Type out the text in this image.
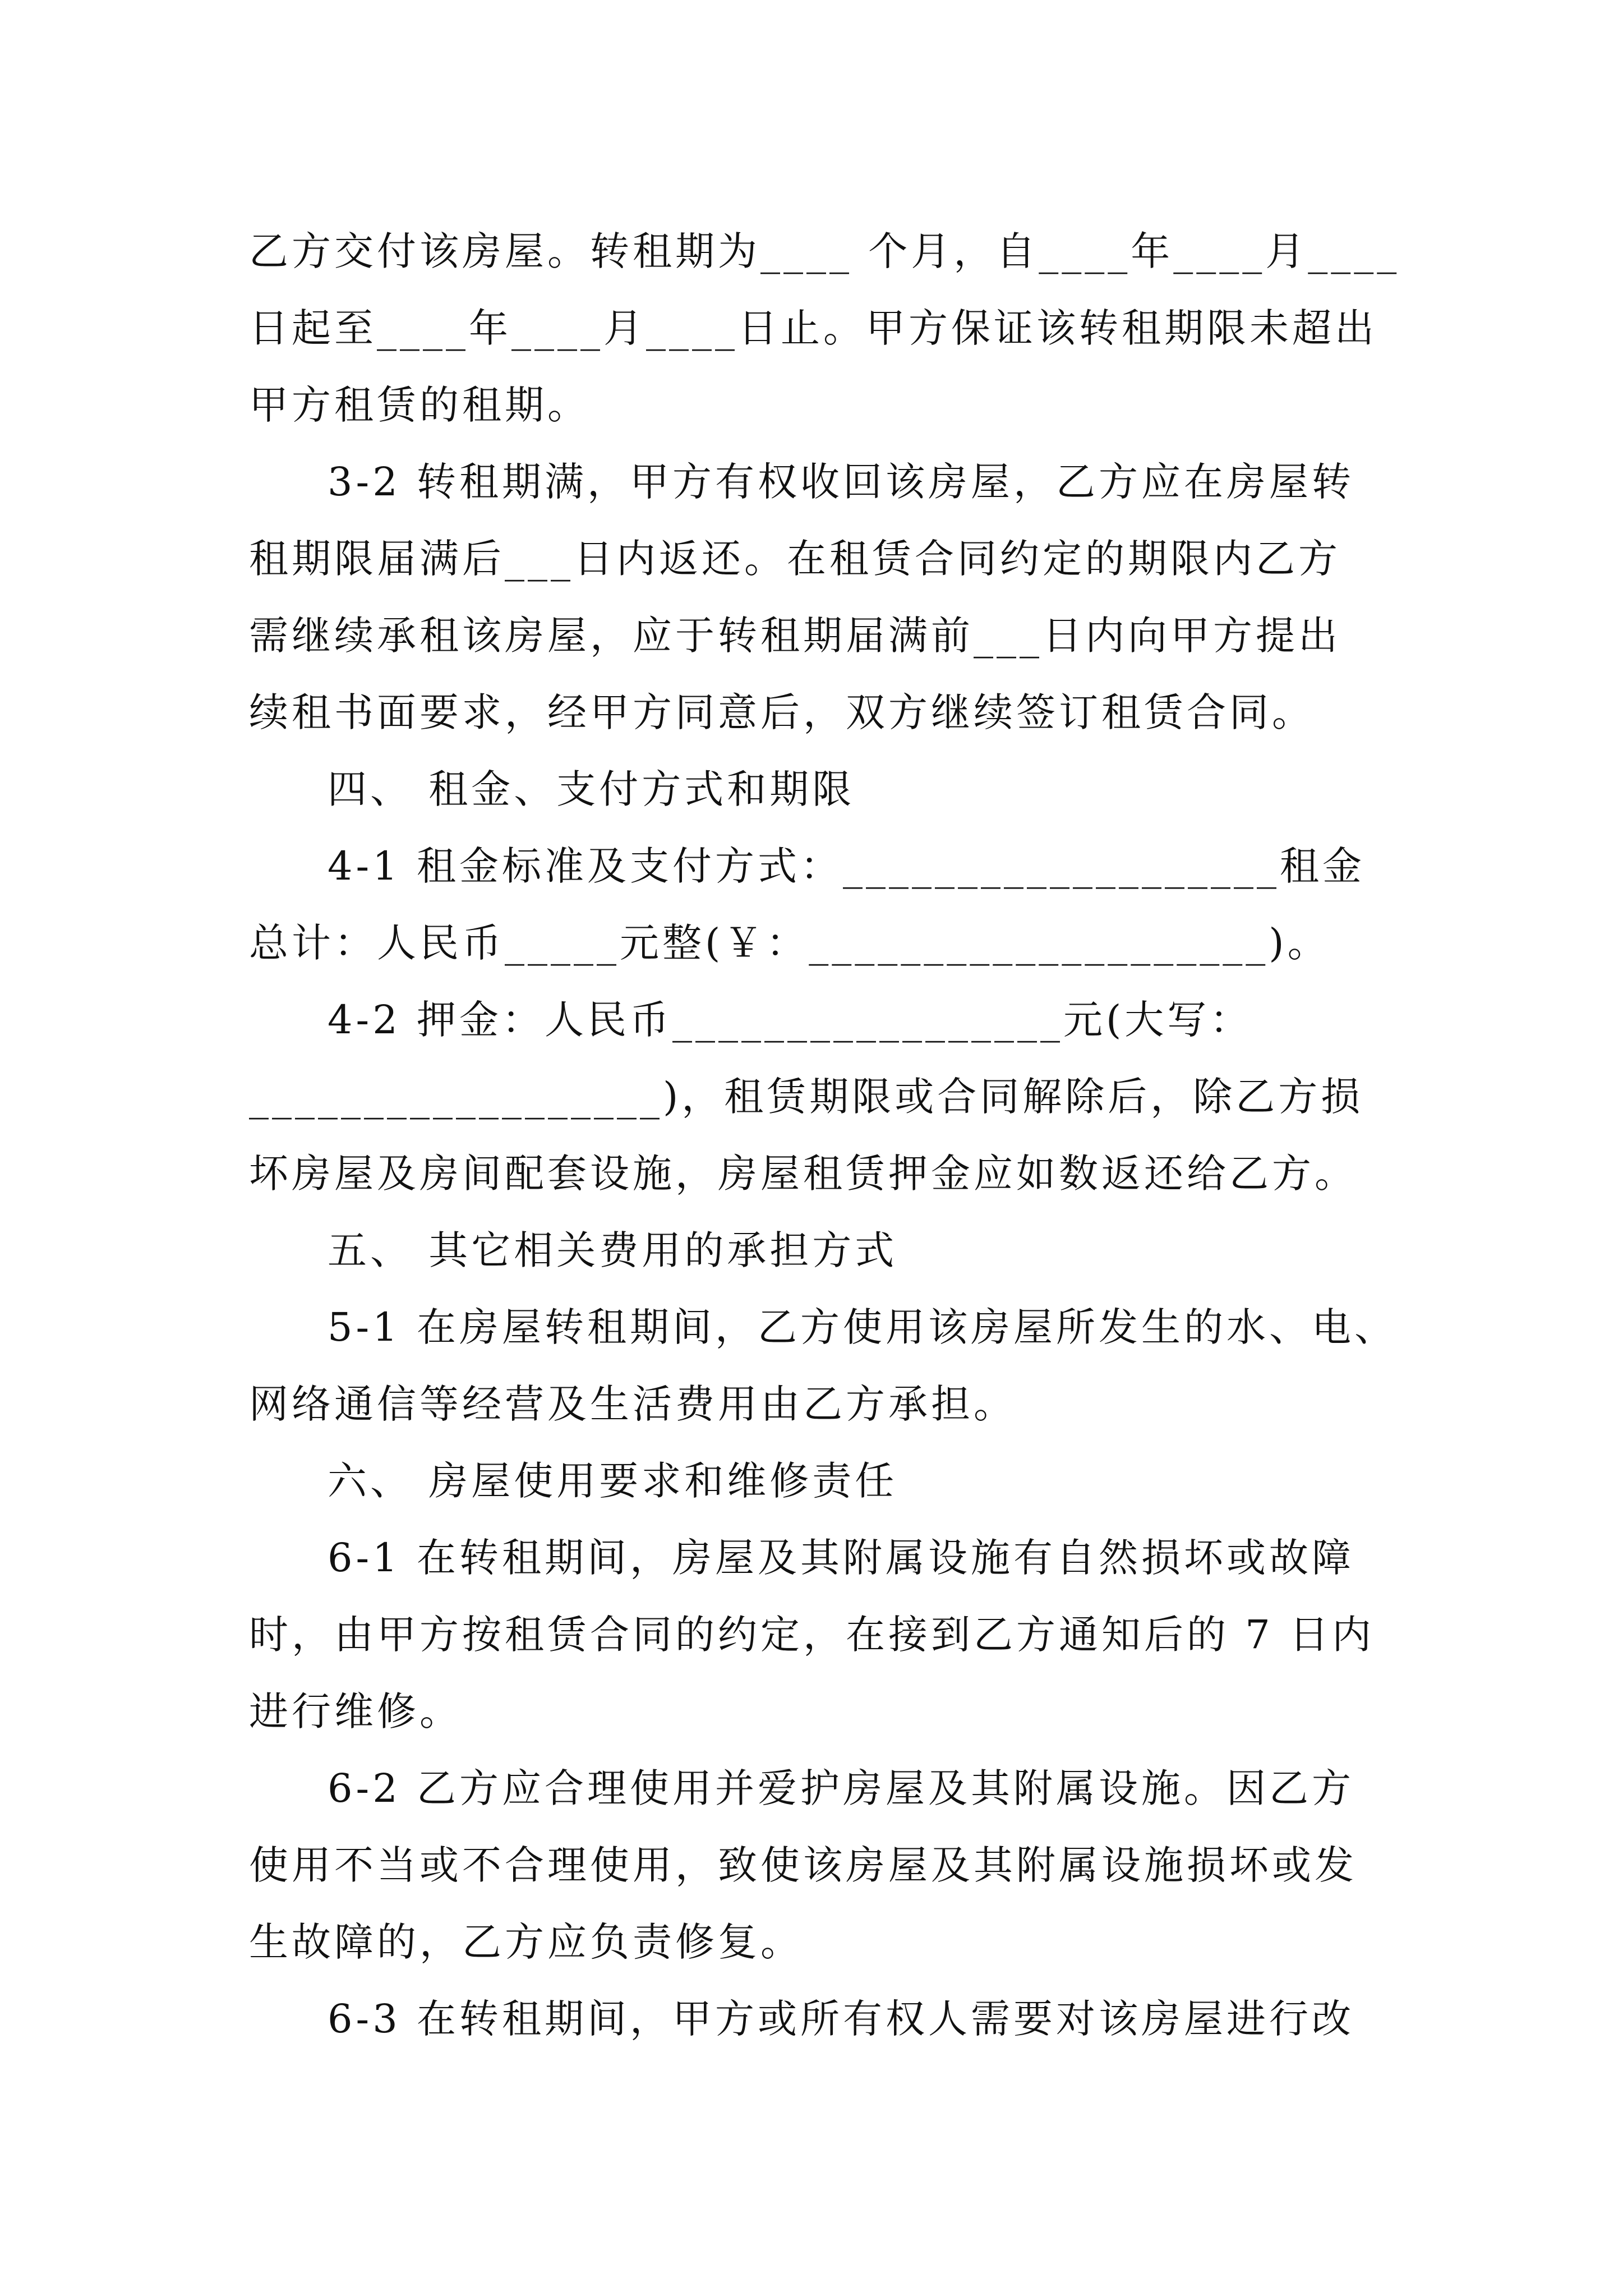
乙方交付该房屋。转租期为____ 个月，自____年____月____
日起至____年____月____日止。甲方保证该转租期限未超出
甲方租赁的租期。
3-2 转租期满，甲方有权收回该房屋，乙方应在房屋转
租期限届满后___日内返还。在租赁合同约定的期限内乙方
需继续承租该房屋，应于转租期届满前___日内向甲方提出
续租书面要求，经甲方同意后，双方继续签订租赁合同。
四、 租金、支付方式和期限
4-1 租金标准及支付方式：___________________租金
总计：人民币_____元整(￥：____________________)。
4-2 押金：人民币_________________元(大写：
__________________)，租赁期限或合同解除后，除乙方损
坏房屋及房间配套设施，房屋租赁押金应如数返还给乙方。
五、 其它相关费用的承担方式
5-1 在房屋转租期间，乙方使用该房屋所发生的水、电、
网络通信等经营及生活费用由乙方承担。
六、 房屋使用要求和维修责任
6-1 在转租期间，房屋及其附属设施有自然损坏或故障
时，由甲方按租赁合同的约定，在接到乙方通知后的 7 日内
进行维修。
6-2 乙方应合理使用并爱护房屋及其附属设施。因乙方
使用不当或不合理使用，致使该房屋及其附属设施损坏或发
生故障的，乙方应负责修复。
6-3 在转租期间，甲方或所有权人需要对该房屋进行改
